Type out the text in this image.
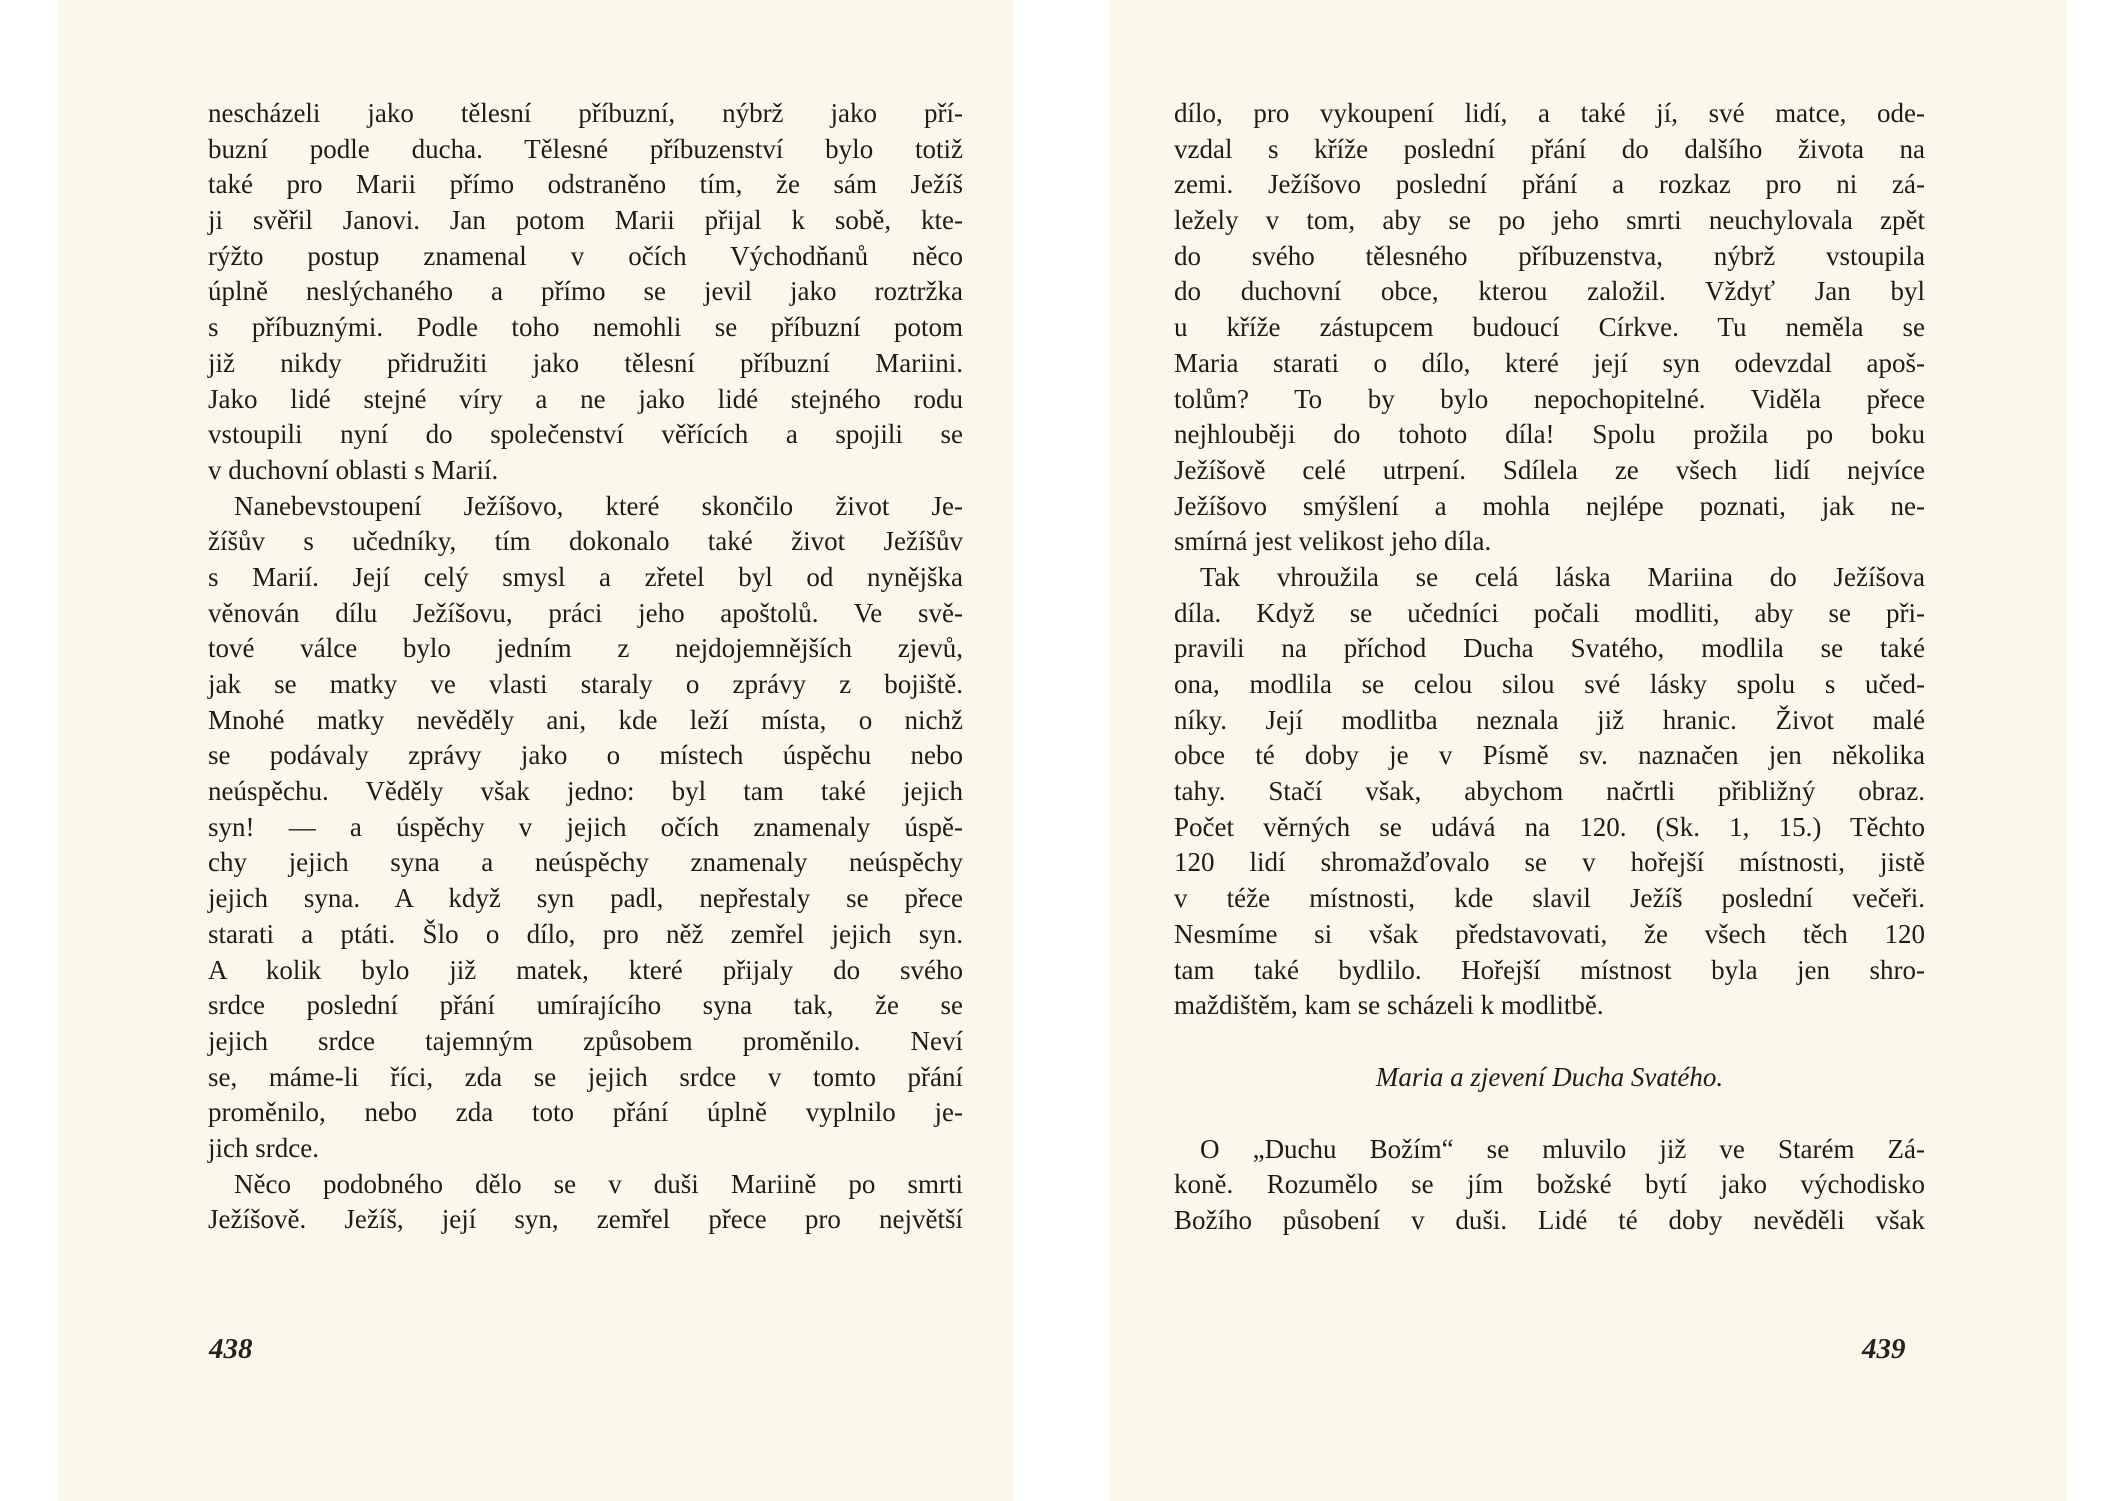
nescházeli jako tělesní příbuzní, nýbrž jako pří-
buzní podle ducha. Tělesné příbuzenství bylo totiž
také pro Marii přímo odstraněno tím, že sám Ježíš
ji svěřil Janovi. Jan potom Marii přijal k sobě, kte-
rýžto postup znamenal v očích Východňanů něco
úplně neslýchaného a přímo se jevil jako roztržka
s příbuznými. Podle toho nemohli se příbuzní potom
již nikdy přidružiti jako tělesní příbuzní Mariini.
Jako lidé stejné víry a ne jako lidé stejného rodu
vstoupili nyní do společenství věřících a spojili se
v duchovní oblasti s Marií.
Nanebevstoupení Ježíšovo, které skončilo život Je-
žíšův s učedníky, tím dokonalo také život Ježíšův
s Marií. Její celý smysl a zřetel byl od nynějška
věnován dílu Ježíšovu, práci jeho apoštolů. Ve svě-
tové válce bylo jedním z nejdojemnějších zjevů,
jak se matky ve vlasti staraly o zprávy z bojiště.
Mnohé matky nevěděly ani, kde leží místa, o nichž
se podávaly zprávy jako o místech úspěchu nebo
neúspěchu. Věděly však jedno: byl tam také jejich
syn! — a úspěchy v jejich očích znamenaly úspě-
chy jejich syna a neúspěchy znamenaly neúspěchy
jejich syna. A když syn padl, nepřestaly se přece
starati a ptáti. Šlo o dílo, pro něž zemřel jejich syn.
A kolik bylo již matek, které přijaly do svého
srdce poslední přání umírajícího syna tak, že se
jejich srdce tajemným způsobem proměnilo. Neví
se, máme-li říci, zda se jejich srdce v tomto přání
proměnilo, nebo zda toto přání úplně vyplnilo je-
jich srdce.
Něco podobného dělo se v duši Mariině po smrti
Ježíšově. Ježíš, její syn, zemřel přece pro největší
438
dílo, pro vykoupení lidí, a také jí, své matce, ode-
vzdal s kříže poslední přání do dalšího života na
zemi. Ježíšovo poslední přání a rozkaz pro ni zá-
ležely v tom, aby se po jeho smrti neuchylovala zpět
do svého tělesného příbuzenstva, nýbrž vstoupila
do duchovní obce, kterou založil. Vždyť Jan byl
u kříže zástupcem budoucí Církve. Tu neměla se
Maria starati o dílo, které její syn odevzdal apoš-
tolům? To by bylo nepochopitelné. Viděla přece
nejhlouběji do tohoto díla! Spolu prožila po boku
Ježíšově celé utrpení. Sdílela ze všech lidí nejvíce
Ježíšovo smýšlení a mohla nejlépe poznati, jak ne-
smírná jest velikost jeho díla.
Tak vhroužila se celá láska Mariina do Ježíšova
díla. Když se učedníci počali modliti, aby se při-
pravili na příchod Ducha Svatého, modlila se také
ona, modlila se celou silou své lásky spolu s učed-
níky. Její modlitba neznala již hranic. Život malé
obce té doby je v Písmě sv. naznačen jen několika
tahy. Stačí však, abychom načrtli přibližný obraz.
Počet věrných se udává na 120. (Sk. 1, 15.) Těchto
120 lidí shromažďovalo se v hořejší místnosti, jistě
v téže místnosti, kde slavil Ježíš poslední večeři.
Nesmíme si však představovati, že všech těch 120
tam také bydlilo. Hořejší místnost byla jen shro-
maždištěm, kam se scházeli k modlitbě.
Maria a zjevení Ducha Svatého.
O „Duchu Božím“ se mluvilo již ve Starém Zá-
koně. Rozumělo se jím božské bytí jako východisko
Božího působení v duši. Lidé té doby nevěděli však
439
